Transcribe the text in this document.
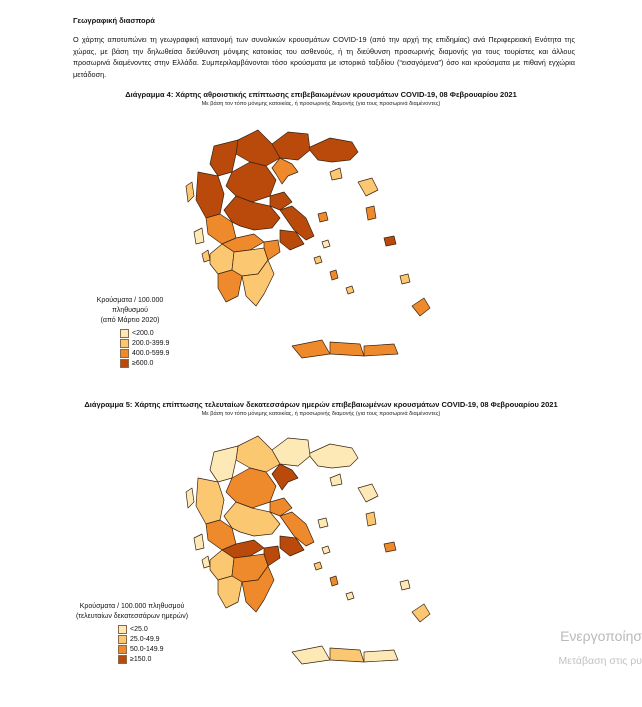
Γεωγραφική διασπορά
Ο χάρτης αποτυπώνει τη γεωγραφική κατανομή των συνολικών κρουσμάτων COVID-19 (από την αρχή της επιδημίας) ανά Περιφερειακή Ενότητα της χώρας, με βάση την δηλωθείσα διεύθυνση μόνιμης κατοικίας του ασθενούς, ή τη διεύθυνση προσωρινής διαμονής για τους τουρίστες και άλλους προσωρινά διαμένοντες στην Ελλάδα. Συμπεριλαμβάνονται τόσο κρούσματα με ιστορικό ταξιδίου (“εισαγόμενα”) όσο και κρούσματα με πιθανή εγχώρια μετάδοση.
Διάγραμμα 4: Χάρτης αθροιστικής επίπτωσης επιβεβαιωμένων κρουσμάτων COVID-19, 08 Φεβρουαρίου 2021
Με βάση τον τόπο μόνιμης κατοικίας, ή προσωρινής διαμονής (για τους προσωρινά διαμένοντες)
Κρούσματα / 100.000 πληθυσμού
(από Μάρτιο 2020)
<200.0
200.0-399.9
400.0-599.9
≥600.0
Διάγραμμα 5: Χάρτης επίπτωσης τελευταίων δεκατεσσάρων ημερών επιβεβαιωμένων κρουσμάτων COVID-19, 08 Φεβρουαρίου 2021
Με βάση τον τόπο μόνιμης κατοικίας, ή προσωρινής διαμονής (για τους προσωρινά διαμένοντες)
Κρούσματα / 100.000 πληθυσμού
(τελευταίων δεκατεσσάρων ημερών)
<25.0
25.0-49.9
50.0-149.9
≥150.0
Ενεργοποίησ
Μετάβαση στις ρυ
